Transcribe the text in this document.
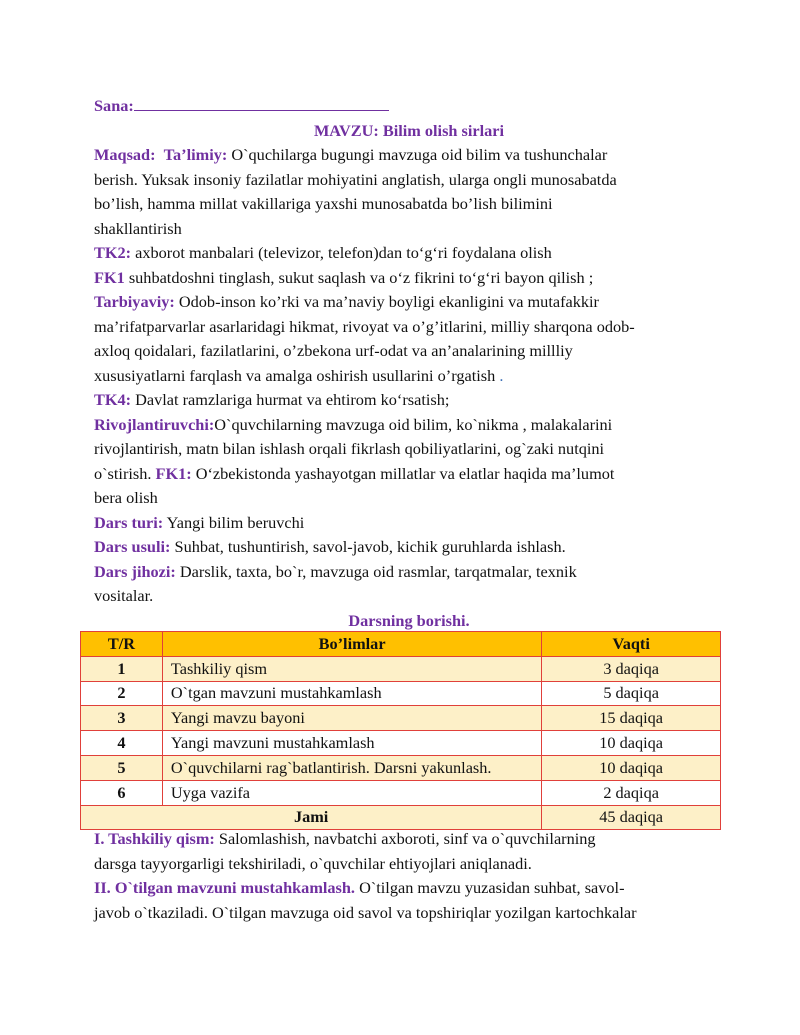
Sana:
MAVZU: Bilim olish sirlari
Maqsad: Ta’limiy: O`quchilarga bugungi mavzuga oid bilim va tushunchalar
berish. Yuksak insoniy fazilatlar mohiyatini anglatish, ularga ongli munosabatda
bo’lish, hamma millat vakillariga yaxshi munosabatda bo’lish bilimini
shakllantirish
TK2: axborot manbalari (televizor, telefon)dan to‘g‘ri foydalana olish
FK1 suhbatdoshni tinglash, sukut saqlash va o‘z fikrini to‘g‘ri bayon qilish ;
Tarbiyaviy: Odob-inson ko’rki va ma’naviy boyligi ekanligini va mutafakkir
ma’rifatparvarlar asarlaridagi hikmat, rivoyat va o’g’itlarini, milliy sharqona odob-
axloq qoidalari, fazilatlarini, o’zbekona urf-odat va an’analarining millliy
xususiyatlarni farqlash va amalga oshirish usullarini o’rgatish .
TK4: Davlat ramzlariga hurmat va ehtirom ko‘rsatish;
Rivojlantiruvchi:O`quvchilarning mavzuga oid bilim, ko`nikma , malakalarini
rivojlantirish, matn bilan ishlash orqali fikrlash qobiliyatlarini, og`zaki nutqini
o`stirish. FK1: O‘zbekistonda yashayotgan millatlar va elatlar haqida ma’lumot
bera olish
Dars turi: Yangi bilim beruvchi
Dars usuli: Suhbat, tushuntirish, savol-javob, kichik guruhlarda ishlash.
Dars jihozi: Darslik, taxta, bo`r, mavzuga oid rasmlar, tarqatmalar, texnik
vositalar.
Darsning borishi.
T/R	Bo’limlar	Vaqti
1	Tashkiliy qism	3 daqiqa
2	O`tgan mavzuni mustahkamlash	5 daqiqa
3	Yangi mavzu bayoni	15 daqiqa
4	Yangi mavzuni mustahkamlash	10 daqiqa
5	O`quvchilarni rag`batlantirish. Darsni yakunlash.	10 daqiqa
6	Uyga vazifa	2 daqiqa
Jami		45 daqiqa
I. Tashkiliy qism: Salomlashish, navbatchi axboroti, sinf va o`quvchilarning
darsga tayyorgarligi tekshiriladi, o`quvchilar ehtiyojlari aniqlanadi.
II. O`tilgan mavzuni mustahkamlash. O`tilgan mavzu yuzasidan suhbat, savol-
javob o`tkaziladi. O`tilgan mavzuga oid savol va topshiriqlar yozilgan kartochkalar
